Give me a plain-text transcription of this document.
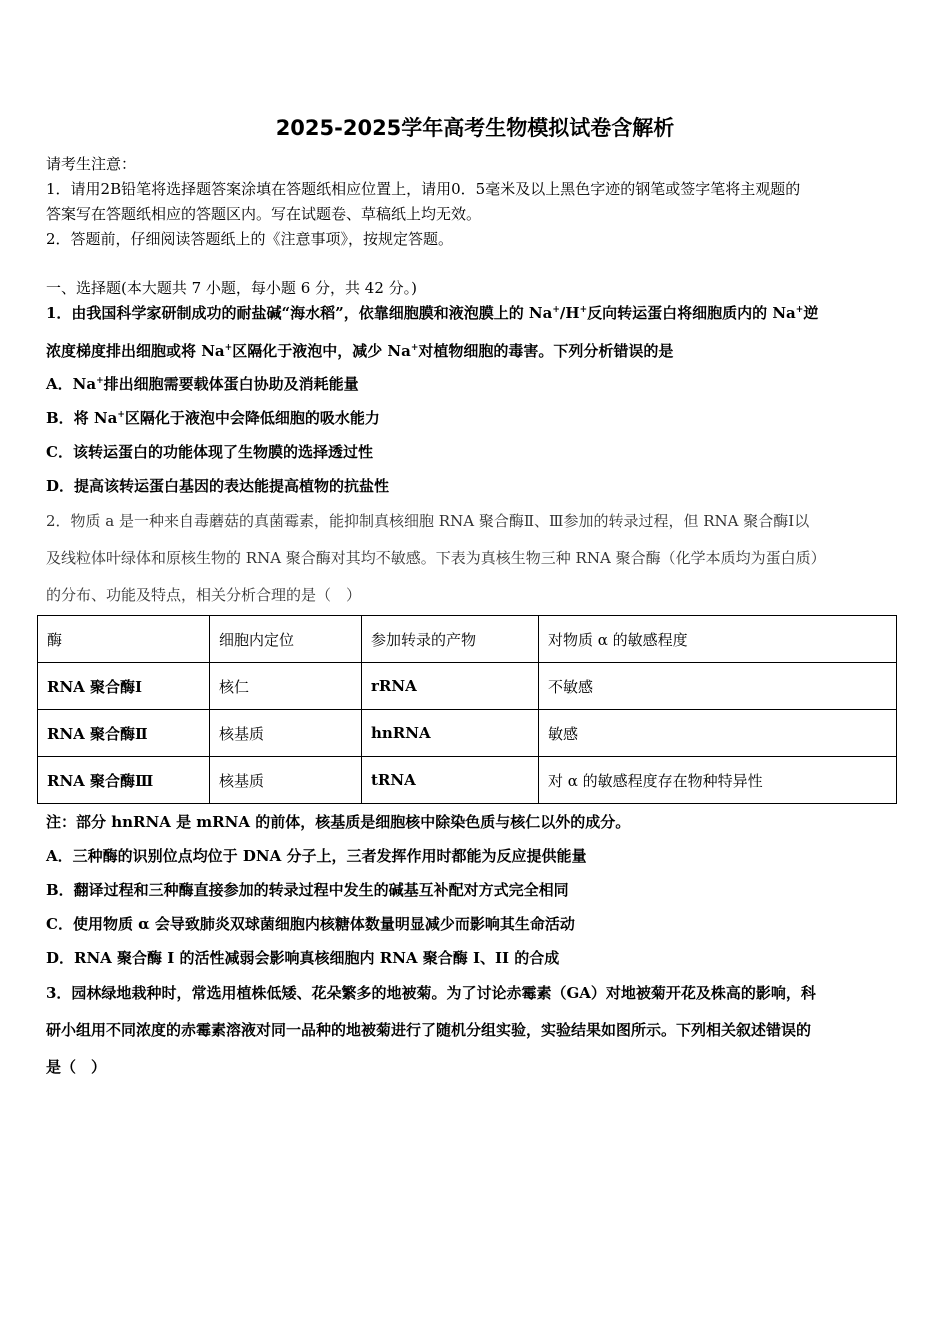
2025-2025学年高考生物模拟试卷含解析
请考生注意：
1．请用2B铅笔将选择题答案涂填在答题纸相应位置上，请用0．5毫米及以上黑色字迹的钢笔或签字笔将主观题的
答案写在答题纸相应的答题区内。写在试题卷、草稿纸上均无效。
2．答题前，仔细阅读答题纸上的《注意事项》，按规定答题。
一、选择题(本大题共 7 小题，每小题 6 分，共 42 分。)
1．由我国科学家研制成功的耐盐碱“海水稻”，依靠细胞膜和液泡膜上的 Na+/H+反向转运蛋白将细胞质内的 Na+逆
浓度梯度排出细胞或将 Na+区隔化于液泡中，减少 Na+对植物细胞的毒害。下列分析错误的是
A．Na+排出细胞需要载体蛋白协助及消耗能量
B．将 Na+区隔化于液泡中会降低细胞的吸水能力
C．该转运蛋白的功能体现了生物膜的选择透过性
D．提高该转运蛋白基因的表达能提高植物的抗盐性
2．物质 a 是一种来自毒蘑菇的真菌霉素，能抑制真核细胞 RNA 聚合酶Ⅱ、Ⅲ参加的转录过程，但 RNA 聚合酶Ⅰ以
及线粒体叶绿体和原核生物的 RNA 聚合酶对其均不敏感。下表为真核生物三种 RNA 聚合酶（化学本质均为蛋白质）
的分布、功能及特点，相关分析合理的是（　）
酶	细胞内定位	参加转录的产物	对物质 α 的敏感程度
RNA 聚合酶Ⅰ	核仁	rRNA	不敏感
RNA 聚合酶Ⅱ	核基质	hnRNA	敏感
RNA 聚合酶Ⅲ	核基质	tRNA	对 α 的敏感程度存在物种特异性
注：部分 hnRNA 是 mRNA 的前体，核基质是细胞核中除染色质与核仁以外的成分。
A．三种酶的识别位点均位于 DNA 分子上，三者发挥作用时都能为反应提供能量
B．翻译过程和三种酶直接参加的转录过程中发生的碱基互补配对方式完全相同
C．使用物质 α 会导致肺炎双球菌细胞内核糖体数量明显减少而影响其生命活动
D．RNA 聚合酶 I 的活性减弱会影响真核细胞内 RNA 聚合酶 I、II 的合成
3．园林绿地栽种时，常选用植株低矮、花朵繁多的地被菊。为了讨论赤霉素（GA）对地被菊开花及株高的影响，科
研小组用不同浓度的赤霉素溶液对同一品种的地被菊进行了随机分组实验，实验结果如图所示。下列相关叙述错误的
是（　）
